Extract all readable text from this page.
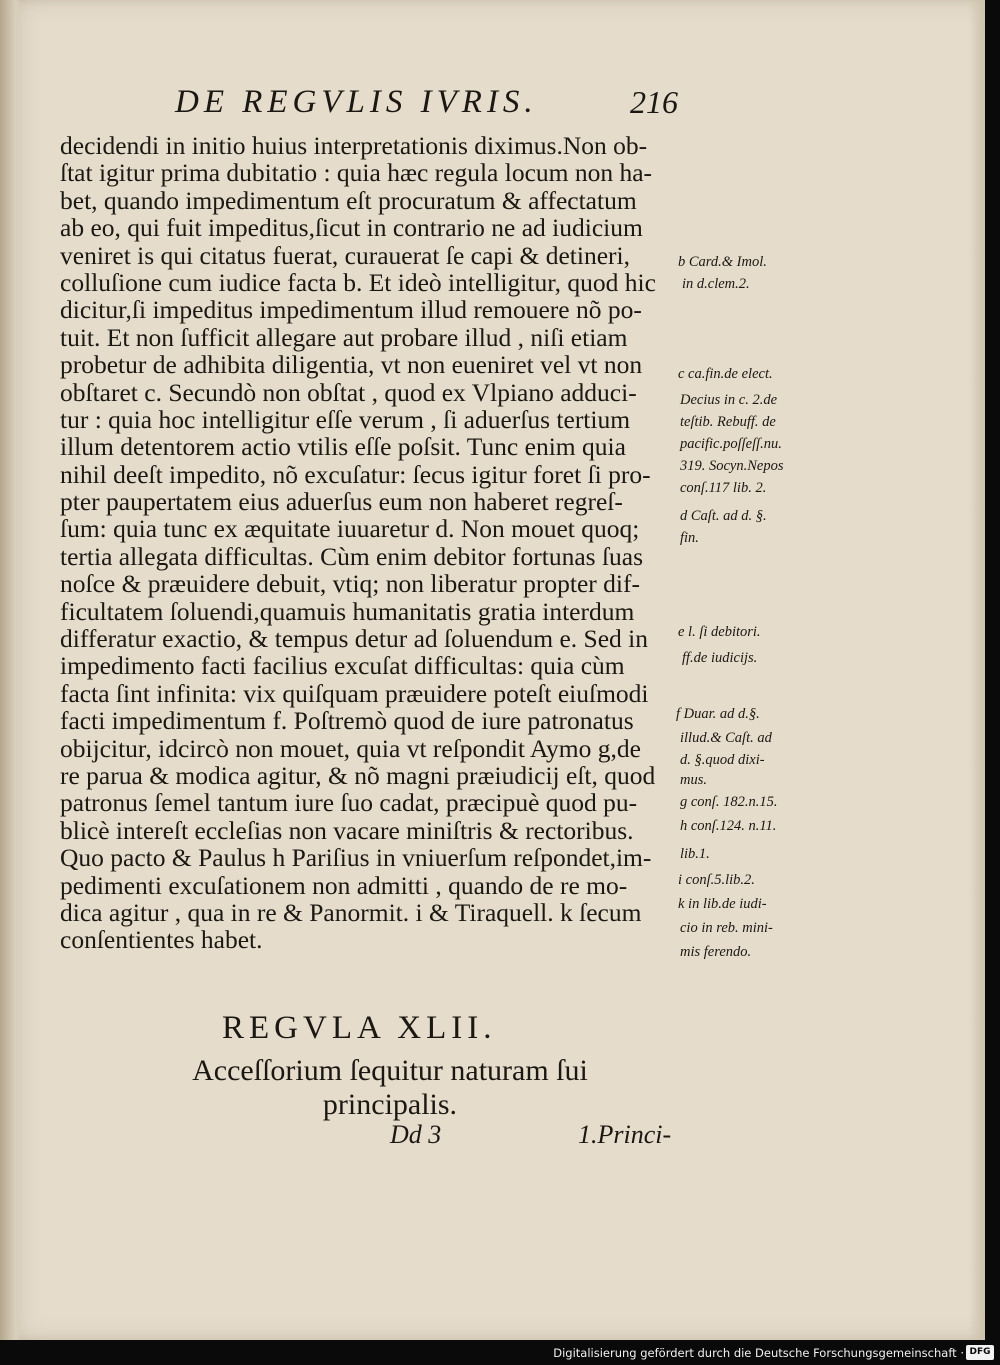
DE REGVLIS IVRIS.	216
decidendi in initio huius interpretationis diximus.Non ob-
ſtat igitur prima dubitatio : quia hæc regula locum non ha-
bet, quando impedimentum eſt procuratum & affectatum
ab eo, qui fuit impeditus,ſicut in contrario ne ad iudicium
veniret is qui citatus fuerat, curauerat ſe capi & detineri,
colluſione cum iudice facta b. Et ideò intelligitur, quod hic
dicitur,ſi impeditus impedimentum illud remouere nõ po-
tuit. Et non ſufficit allegare aut probare illud , niſi etiam
probetur de adhibita diligentia, vt non eueniret vel vt non
obſtaret c. Secundò non obſtat , quod ex Vlpiano adduci-
tur : quia hoc intelligitur eſſe verum , ſi aduerſus tertium
illum detentorem actio vtilis eſſe poſsit. Tunc enim quia
nihil deeſt impedito, nõ excuſatur: ſecus igitur foret ſi pro-
pter paupertatem eius aduerſus eum non haberet regreſ-
ſum: quia tunc ex æquitate iuuaretur d. Non mouet quoq;
tertia allegata difficultas. Cùm enim debitor fortunas ſuas
noſce & præuidere debuit, vtiq; non liberatur propter dif-
ficultatem ſoluendi,quamuis humanitatis gratia interdum
differatur exactio, & tempus detur ad ſoluendum e. Sed in
impedimento facti facilius excuſat difficultas: quia cùm
facta ſint infinita: vix quiſquam præuidere poteſt eiuſmodi
facti impedimentum f. Poſtremò quod de iure patronatus
obijcitur, idcircò non mouet, quia vt reſpondit Aymo g,de
re parua & modica agitur, & nõ magni præiudicij eſt, quod
patronus ſemel tantum iure ſuo cadat, præcipuè quod pu-
blicè intereſt eccleſias non vacare miniſtris & rectoribus.
Quo pacto & Paulus h Pariſius in vniuerſum reſpondet,im-
pedimenti excuſationem non admitti , quando de re mo-
dica agitur , qua in re & Panormit. i & Tiraquell. k ſecum
conſentientes habet.
b Card.& Imol.
in d.clem.2.
c ca.fin.de elect.
Decius in c. 2.de
teſtib. Rebuff. de
pacific.poſſeſſ.nu.
319. Socyn.Nepos
conſ.117 lib. 2.
d Caſt. ad d. §.
fin.
e l. ſi debitori.
ff.de iudicijs.
f Duar. ad d.§.
illud.& Caſt. ad
d. §.quod dixi-
mus.
g conſ. 182.n.15.
h conſ.124. n.11.
lib.1.
i conſ.5.lib.2.
k in lib.de iudi-
cio in reb. mini-
mis ferendo.
REGVLA XLII.
Acceſſorium ſequitur naturam ſui
principalis.
Dd 3	1.Princi-
Digitalisierung gefördert durch die Deutsche Forschungsgemeinschaft · DFG
